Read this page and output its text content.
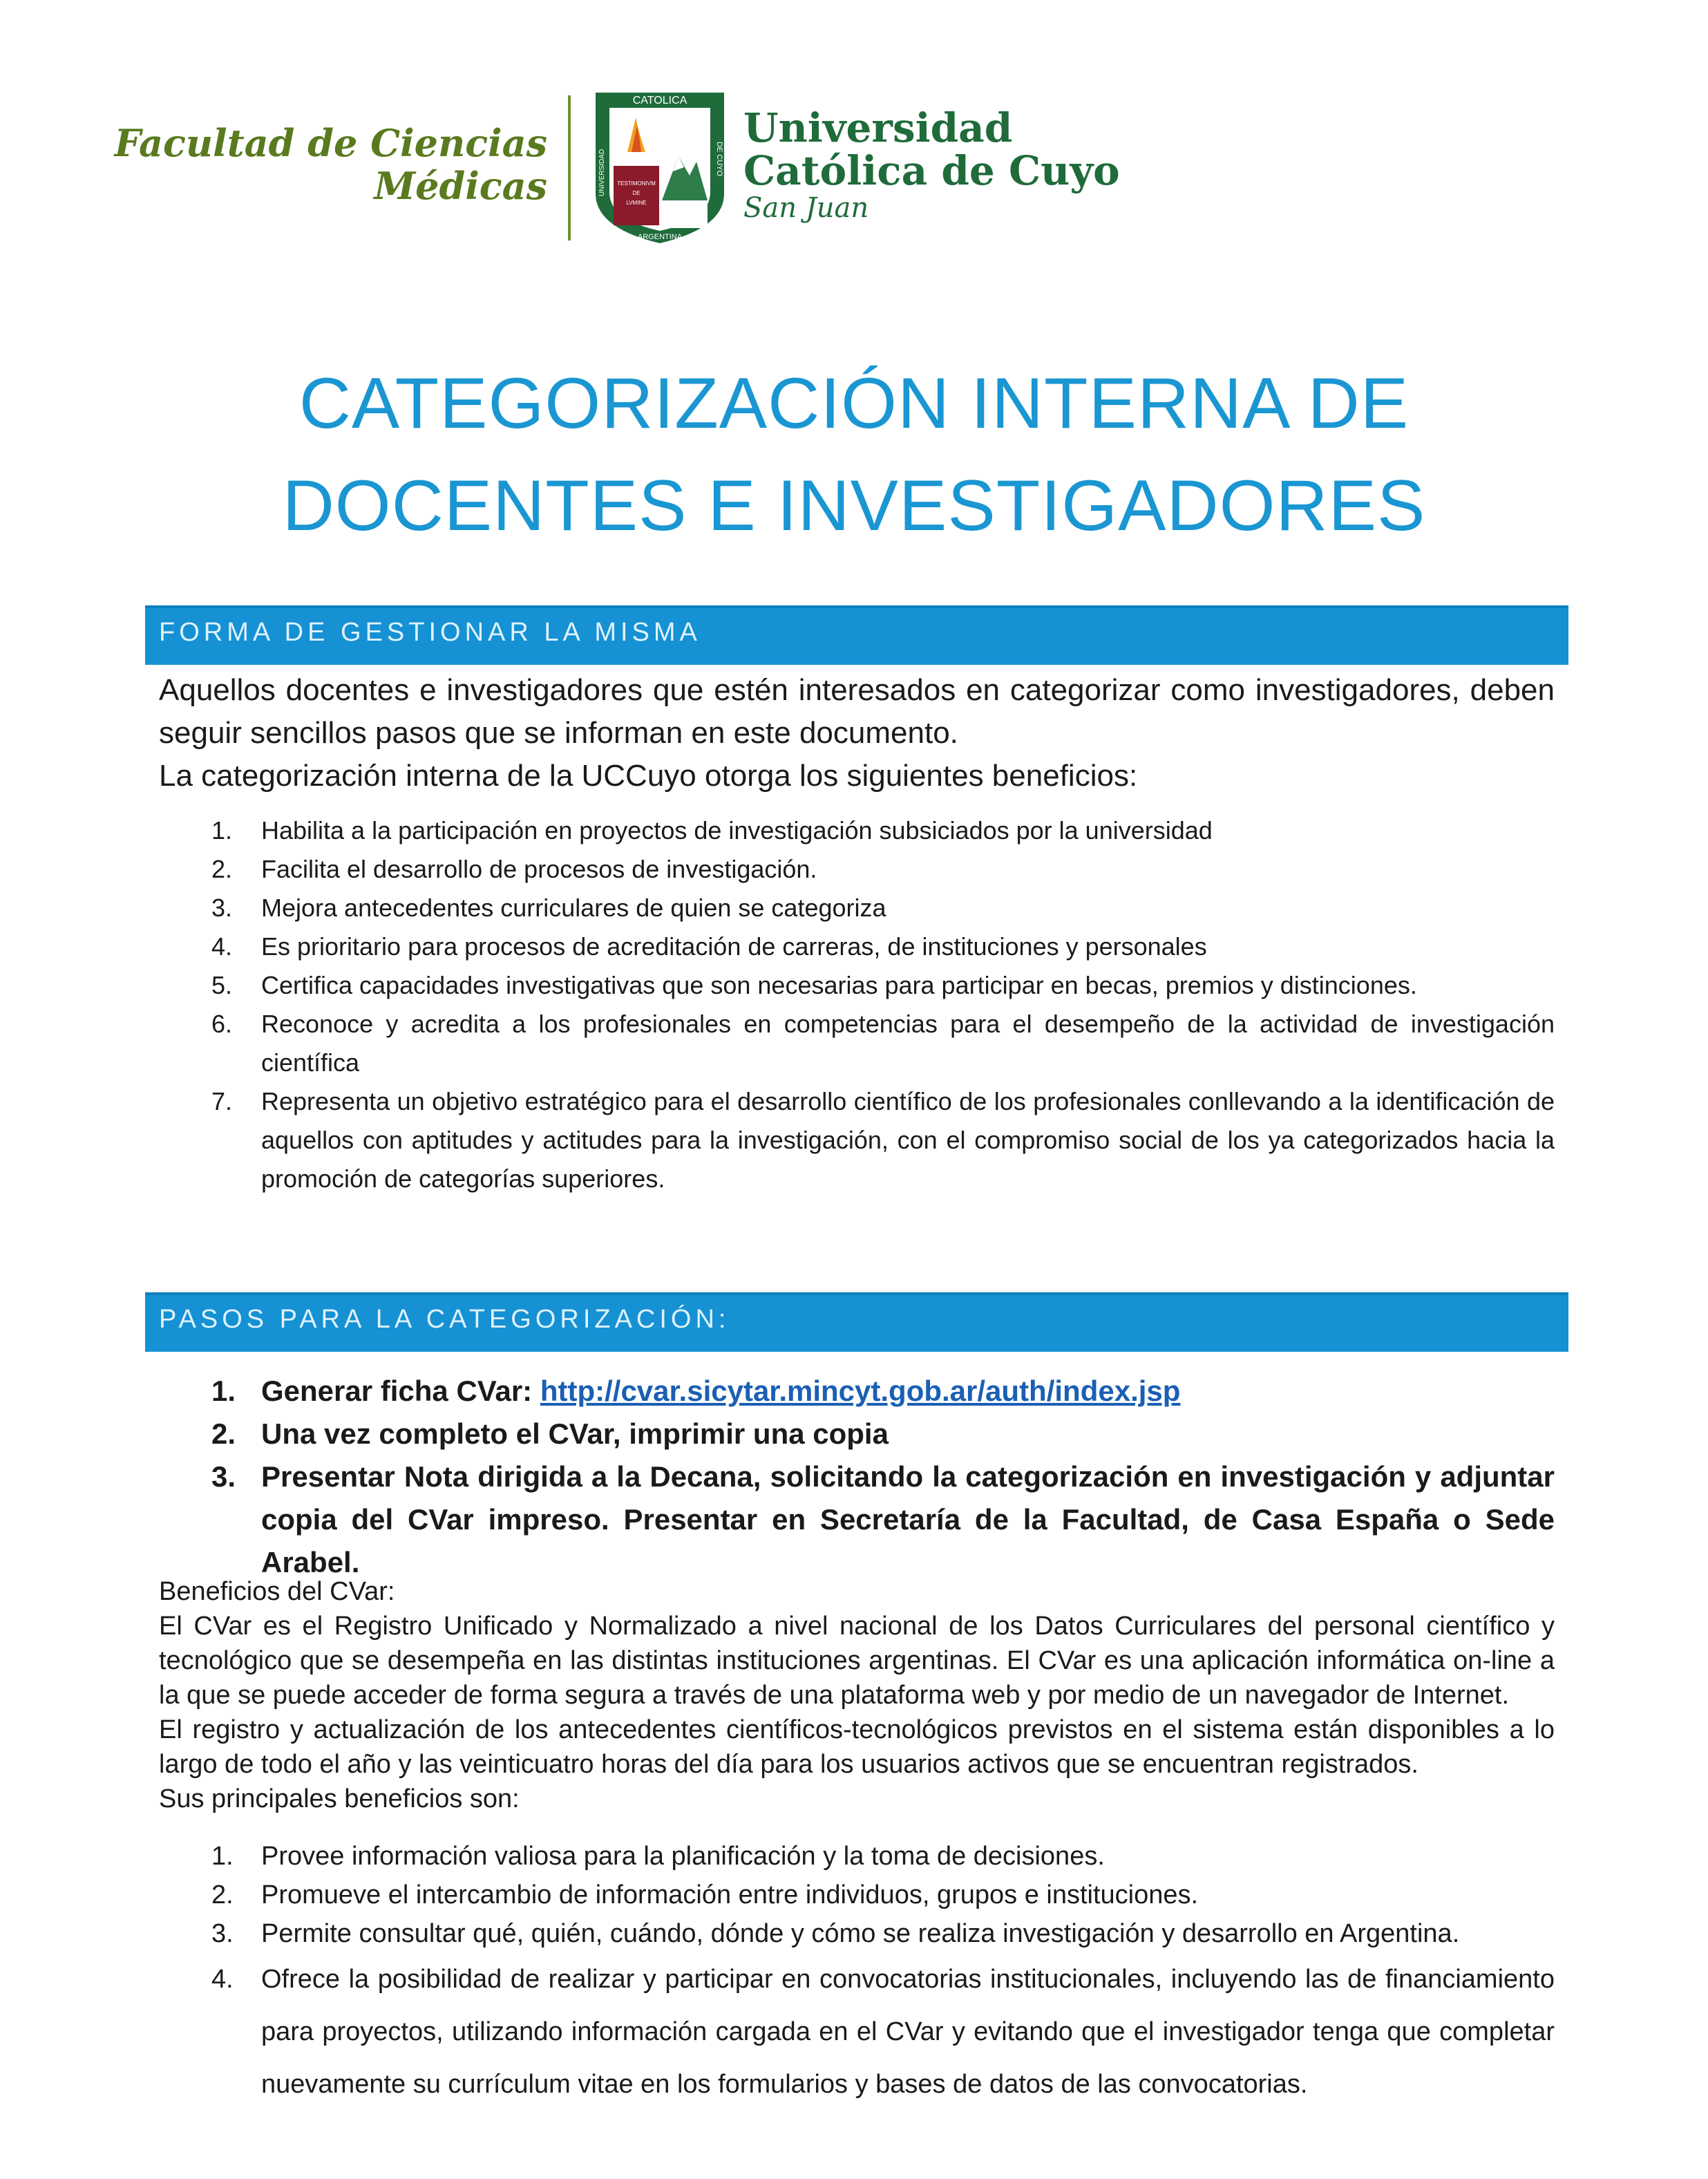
Facultad de Ciencias
Médicas
CATOLICA
ARGENTINA
UNIVERSIDAD	DE CUYO
TESTIMONIVM
DE
LVMINE
Universidad
Católica de Cuyo
San Juan
CATEGORIZACIÓN INTERNA DE
DOCENTES E INVESTIGADORES
FORMA DE GESTIONAR LA MISMA

Aquellos docentes e investigadores que estén interesados en categorizar como investigadores, deben seguir sencillos pasos que se informan en este documento.

La categorización interna de la UCCuyo otorga los siguientes beneficios:

1. Habilita a la participación en proyectos de investigación subsiciados por la universidad
2. Facilita el desarrollo de procesos de investigación.
3. Mejora antecedentes curriculares de quien se categoriza
4. Es prioritario para procesos de acreditación de carreras, de instituciones y personales
5. Certifica capacidades investigativas que son necesarias para participar en becas, premios y distinciones.
6. Reconoce y acredita a los profesionales en competencias para el desempeño de la actividad de investigación científica
7. Representa un objetivo estratégico para el desarrollo científico de los profesionales conllevando a la identificación de aquellos con aptitudes y actitudes para la investigación, con el compromiso social de los ya categorizados hacia la promoción de categorías superiores.
PASOS PARA LA CATEGORIZACIÓN:
1. Generar ficha CVar: http://cvar.sicytar.mincyt.gob.ar/auth/index.jsp
2. Una vez completo el CVar, imprimir una copia
3. Presentar Nota dirigida a la Decana, solicitando la categorización en investigación y adjuntar copia del CVar impreso. Presentar en Secretaría de la Facultad, de Casa España o Sede Arabel.

Beneficios del CVar:

El CVar es el Registro Unificado y Normalizado a nivel nacional de los Datos Curriculares del personal científico y tecnológico que se desempeña en las distintas instituciones argentinas. El CVar es una aplicación informática on-line a la que se puede acceder de forma segura a través de una plataforma web y por medio de un navegador de Internet.

El registro y actualización de los antecedentes científicos-tecnológicos previstos en el sistema están disponibles a lo largo de todo el año y las veinticuatro horas del día para los usuarios activos que se encuentran registrados.

Sus principales beneficios son:

1. Provee información valiosa para la planificación y la toma de decisiones.
2. Promueve el intercambio de información entre individuos, grupos e instituciones.
3. Permite consultar qué, quién, cuándo, dónde y cómo se realiza investigación y desarrollo en Argentina.
4. Ofrece la posibilidad de realizar y participar en convocatorias institucionales, incluyendo las de financiamiento para proyectos, utilizando información cargada en el CVar y evitando que el investigador tenga que completar nuevamente su currículum vitae en los formularios y bases de datos de las convocatorias.
